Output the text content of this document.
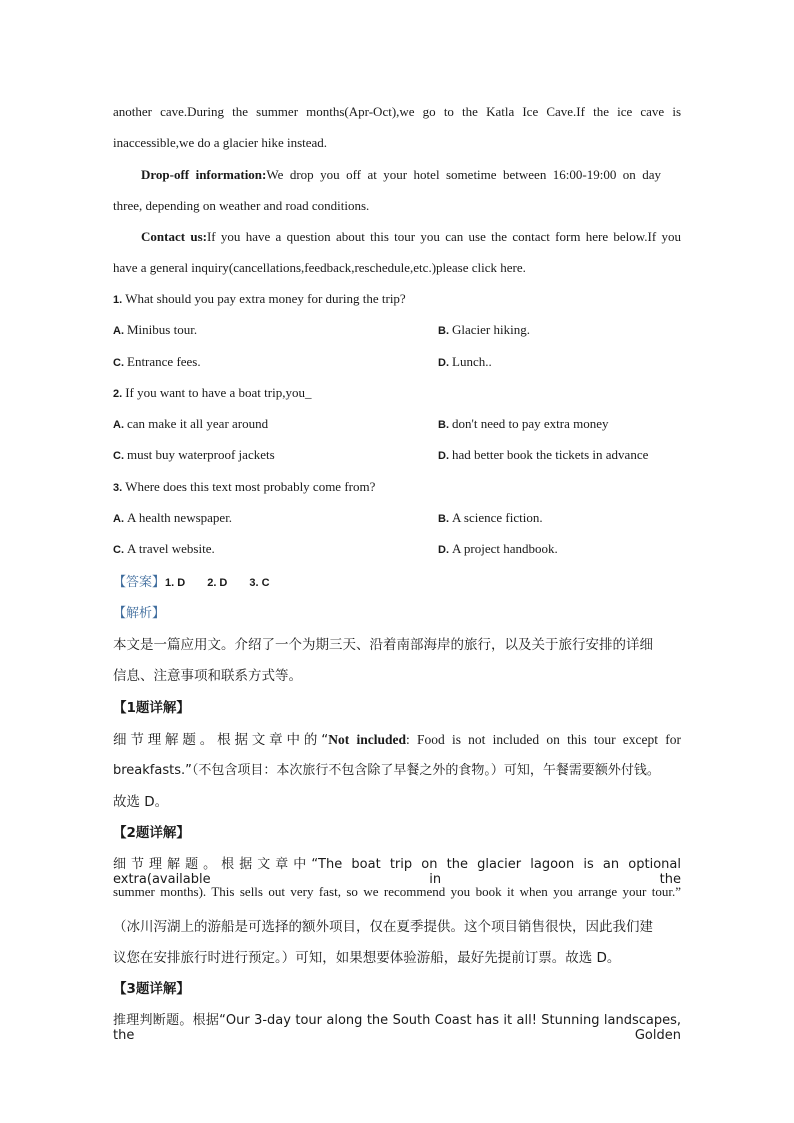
another cave.During the summer months(Apr-Oct),we go to the Katla Ice Cave.If the ice cave is
inaccessible,we do a glacier hike instead.
Drop-off information:We drop you off at your hotel sometime between 16:00-19:00 on day
three, depending on weather and road conditions.
Contact us:If you have a question about this tour you can use the contact form here below.If you
have a general inquiry(cancellations,feedback,reschedule,etc.)please click here.
1. What should you pay extra money for during the trip?
A. Minibus tour.	B. Glacier hiking.
C. Entrance fees.	D. Lunch..
2. If you want to have a boat trip,you_
A. can make it all year around	B. don't need to pay extra money
C. must buy waterproof jackets	D. had better book the tickets in advance
3. Where does this text most probably come from?
A. A health newspaper.	B. A science fiction.
C. A travel website.	D. A project handbook.
【答案】1. D 2. D 3. C
【解析】
本文是一篇应用文。介绍了一个为期三天、沿着南部海岸的旅行，以及关于旅行安排的详细
信息、注意事项和联系方式等。
【1题详解】
细节理解题。根据文章中的“Not included: Food is not included on this tour except for
breakfasts.”（不包含项目：本次旅行不包含除了早餐之外的食物。）可知，午餐需要额外付钱。
故选 D。
【2题详解】
细节理解题。根据文章中“The boat trip on the glacier lagoon is an optional extra(available in the
summer months). This sells out very fast, so we recommend you book it when you arrange your tour.”
（冰川泻湖上的游船是可选择的额外项目，仅在夏季提供。这个项目销售很快，因此我们建
议您在安排旅行时进行预定。）可知，如果想要体验游船，最好先提前订票。故选 D。
【3题详解】
推理判断题。根据“Our 3-day tour along the South Coast has it all! Stunning landscapes, the Golden
